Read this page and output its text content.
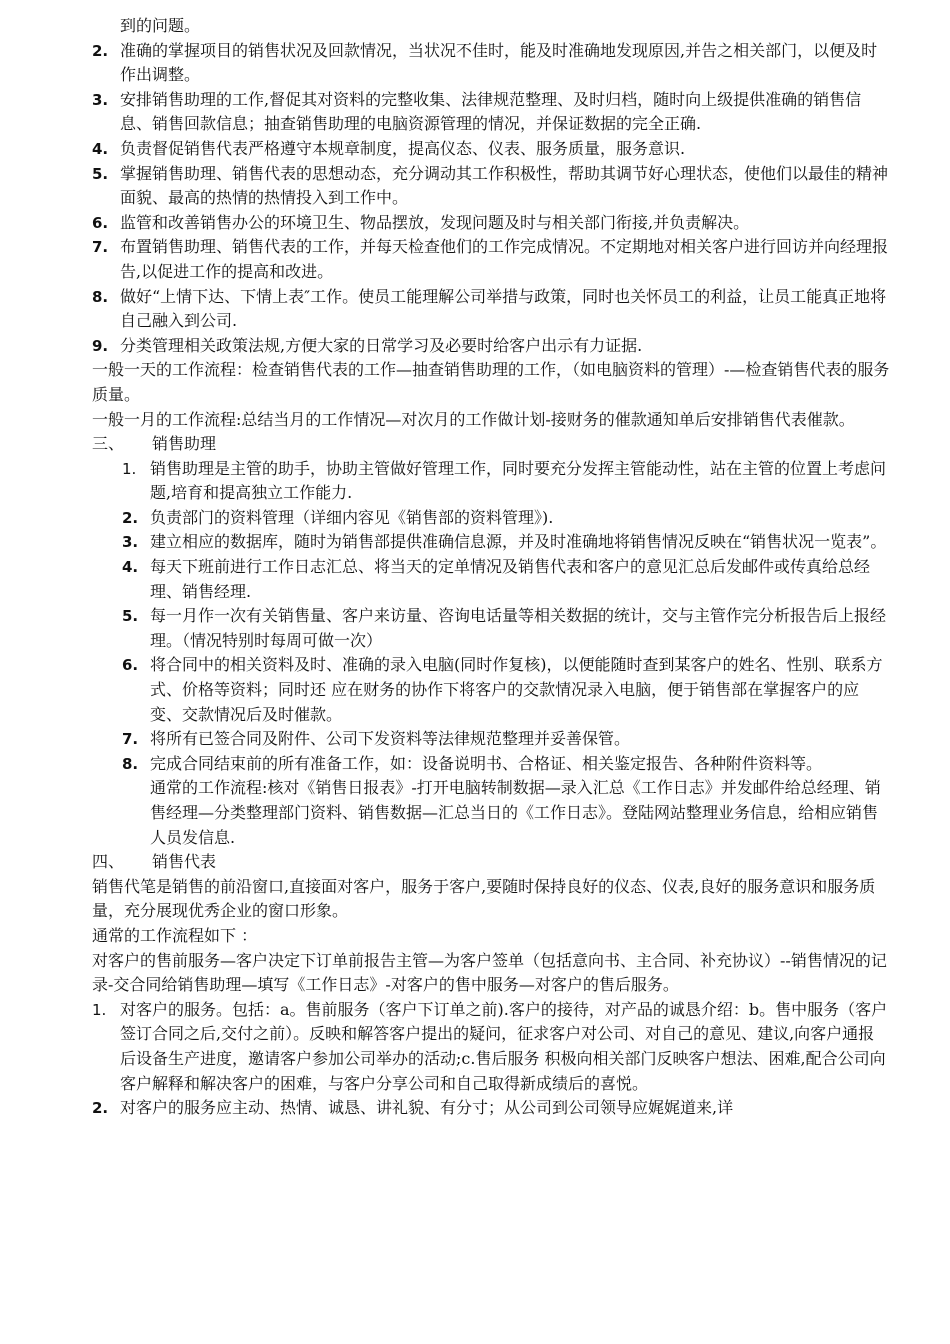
到的问题。
2. 准确的掌握项目的销售状况及回款情况，当状况不佳时，能及时准确地发现原因,并告之相关部门，以便及时作出调整。
3. 安排销售助理的工作,督促其对资料的完整收集、法律规范整理、及时归档，随时向上级提供准确的销售信息、销售回款信息；抽查销售助理的电脑资源管理的情况，并保证数据的完全正确.
4. 负责督促销售代表严格遵守本规章制度，提高仪态、仪表、服务质量，服务意识.
5. 掌握销售助理、销售代表的思想动态，充分调动其工作积极性，帮助其调节好心理状态，使他们以最佳的精神面貌、最高的热情的热情投入到工作中。
6. 监管和改善销售办公的环境卫生、物品摆放，发现问题及时与相关部门衔接,并负责解决。
7. 布置销售助理、销售代表的工作，并每天检查他们的工作完成情况。不定期地对相关客户进行回访并向经理报告,以促进工作的提高和改进。
8. 做好“上情下达、下情上表″工作。使员工能理解公司举措与政策，同时也关怀员工的利益，让员工能真正地将自己融入到公司.
9. 分类管理相关政策法规,方便大家的日常学习及必要时给客户出示有力证据.
一般一天的工作流程：检查销售代表的工作—抽查销售助理的工作，（如电脑资料的管理）-—检查销售代表的服务质量。
一般一月的工作流程:总结当月的工作情况—对次月的工作做计划-接财务的催款通知单后安排销售代表催款。
三、	销售助理
1. 销售助理是主管的助手，协助主管做好管理工作，同时要充分发挥主管能动性，站在主管的位置上考虑问题,培育和提高独立工作能力.
2. 负责部门的资料管理（详细内容见《销售部的资料管理》).
3. 建立相应的数据库，随时为销售部提供准确信息源，并及时准确地将销售情况反映在“销售状况一览表”。
4. 每天下班前进行工作日志汇总、将当天的定单情况及销售代表和客户的意见汇总后发邮件或传真给总经理、销售经理.
5. 每一月作一次有关销售量、客户来访量、咨询电话量等相关数据的统计，交与主管作完分析报告后上报经理。（情况特别时每周可做一次）
6. 将合同中的相关资料及时、准确的录入电脑(同时作复核)，以便能随时查到某客户的姓名、性别、联系方式、价格等资料；同时还 应在财务的协作下将客户的交款情况录入电脑，便于销售部在掌握客户的应变、交款情况后及时催款。
7. 将所有已签合同及附件、公司下发资料等法律规范整理并妥善保管。
8. 完成合同结束前的所有准备工作，如：设备说明书、合格证、相关鉴定报告、各种附件资料等。
通常的工作流程:核对《销售日报表》-打开电脑转制数据—录入汇总《工作日志》并发邮件给总经理、销售经理—分类整理部门资料、销售数据—汇总当日的《工作日志》。登陆网站整理业务信息，给相应销售人员发信息.
四、	销售代表
销售代笔是销售的前沿窗口,直接面对客户，服务于客户,要随时保持良好的仪态、仪表,良好的服务意识和服务质量，充分展现优秀企业的窗口形象。
通常的工作流程如下 ：
对客户的售前服务—客户决定下订单前报告主管—为客户签单（包括意向书、主合同、补充协议）--销售情况的记录-交合同给销售助理—填写《工作日志》-对客户的售中服务—对客户的售后服务。
1. 对客户的服务。包括：a。售前服务（客户下订单之前).客户的接待，对产品的诚恳介绍：b。售中服务（客户签订合同之后,交付之前）。反映和解答客户提出的疑问，征求客户对公司、对自己的意见、建议,向客户通报后设备生产进度，邀请客户参加公司举办的活动;c.售后服务 积极向相关部门反映客户想法、困难,配合公司向客户解释和解决客户的困难，与客户分享公司和自己取得新成绩后的喜悦。
2. 对客户的服务应主动、热情、诚恳、讲礼貌、有分寸；从公司到公司领导应娓娓道来,详
